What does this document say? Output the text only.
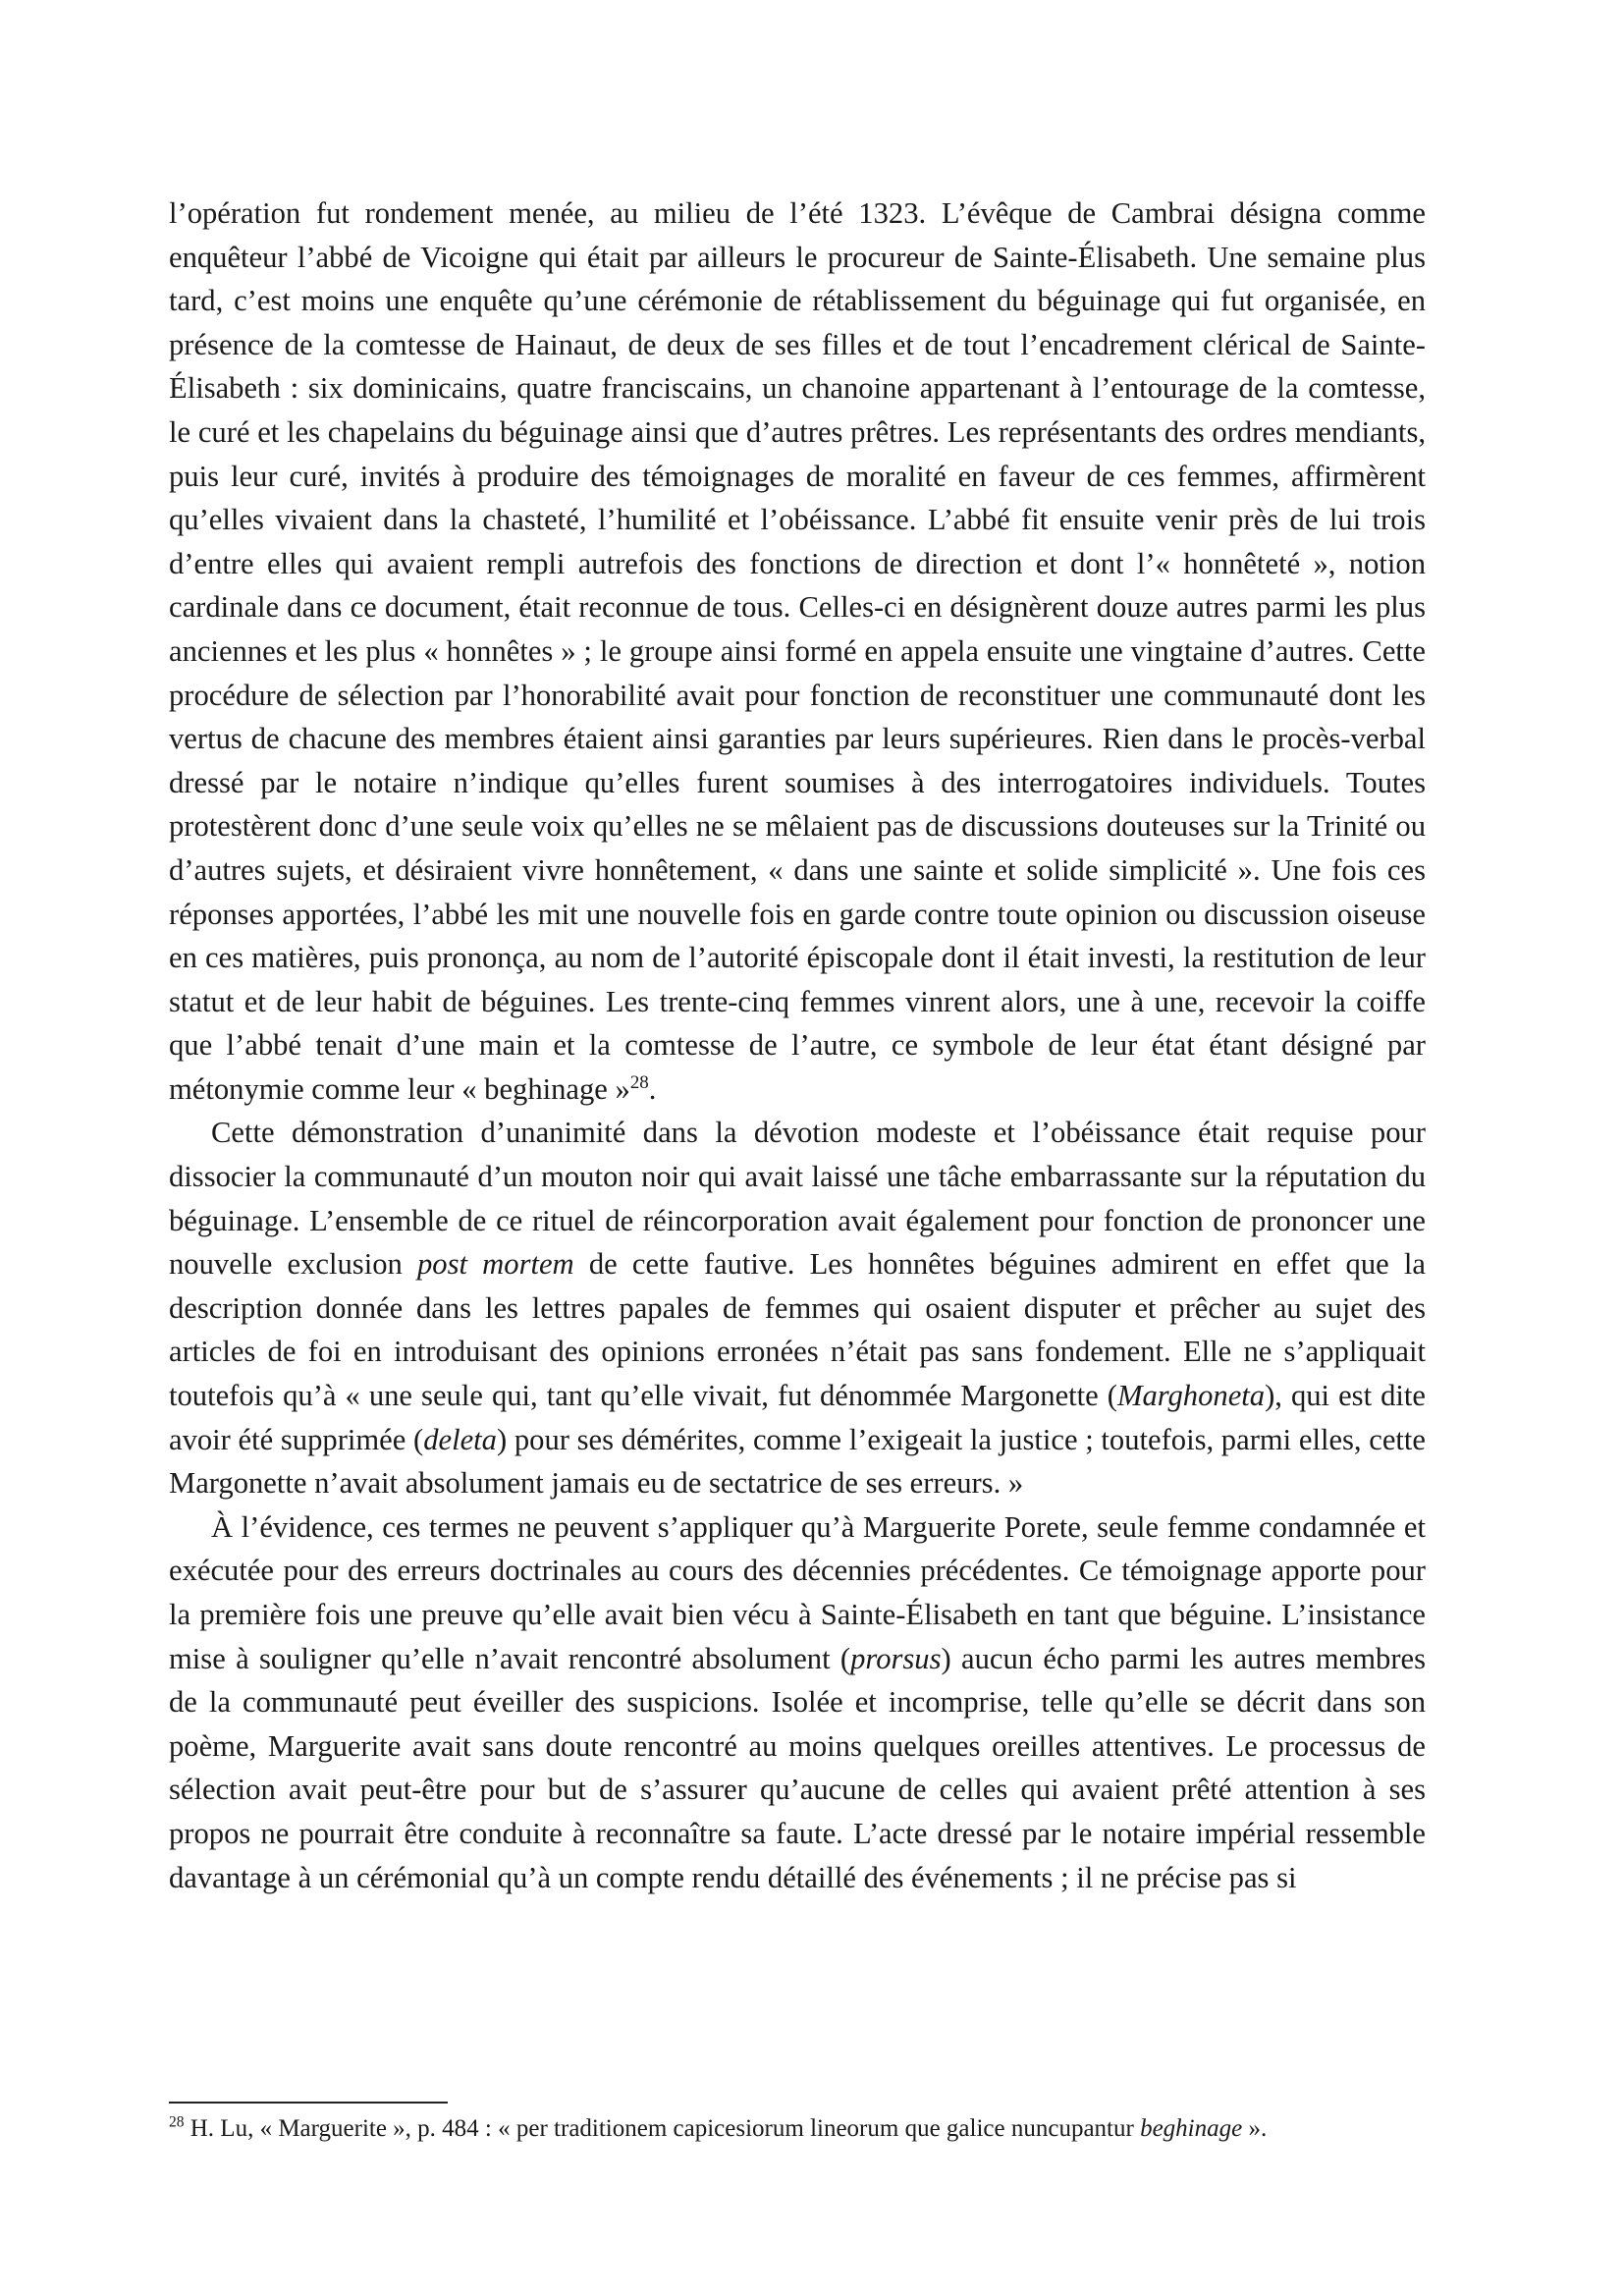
l’opération fut rondement menée, au milieu de l’été 1323. L’évêque de Cambrai désigna comme enquêteur l’abbé de Vicoigne qui était par ailleurs le procureur de Sainte-Élisabeth. Une semaine plus tard, c’est moins une enquête qu’une cérémonie de rétablissement du béguinage qui fut organisée, en présence de la comtesse de Hainaut, de deux de ses filles et de tout l’encadrement clérical de Sainte-Élisabeth : six dominicains, quatre franciscains, un chanoine appartenant à l’entourage de la comtesse, le curé et les chapelains du béguinage ainsi que d’autres prêtres. Les représentants des ordres mendiants, puis leur curé, invités à produire des témoignages de moralité en faveur de ces femmes, affirmèrent qu’elles vivaient dans la chasteté, l’humilité et l’obéissance. L’abbé fit ensuite venir près de lui trois d’entre elles qui avaient rempli autrefois des fonctions de direction et dont l’« honnêteté », notion cardinale dans ce document, était reconnue de tous. Celles-ci en désignèrent douze autres parmi les plus anciennes et les plus « honnêtes » ; le groupe ainsi formé en appela ensuite une vingtaine d’autres. Cette procédure de sélection par l’honorabilité avait pour fonction de reconstituer une communauté dont les vertus de chacune des membres étaient ainsi garanties par leurs supérieures. Rien dans le procès-verbal dressé par le notaire n’indique qu’elles furent soumises à des interrogatoires individuels. Toutes protestèrent donc d’une seule voix qu’elles ne se mêlaient pas de discussions douteuses sur la Trinité ou d’autres sujets, et désiraient vivre honnêtement, « dans une sainte et solide simplicité ». Une fois ces réponses apportées, l’abbé les mit une nouvelle fois en garde contre toute opinion ou discussion oiseuse en ces matières, puis prononça, au nom de l’autorité épiscopale dont il était investi, la restitution de leur statut et de leur habit de béguines. Les trente-cinq femmes vinrent alors, une à une, recevoir la coiffe que l’abbé tenait d’une main et la comtesse de l’autre, ce symbole de leur état étant désigné par métonymie comme leur « beghinage »$^{28}$.

Cette démonstration d’unanimité dans la dévotion modeste et l’obéissance était requise pour dissocier la communauté d’un mouton noir qui avait laissé une tâche embarrassante sur la réputation du béguinage. L’ensemble de ce rituel de réincorporation avait également pour fonction de prononcer une nouvelle exclusion post mortem de cette fautive. Les honnêtes béguines admirent en effet que la description donnée dans les lettres papales de femmes qui osaient disputer et prêcher au sujet des articles de foi en introduisant des opinions erronées n’était pas sans fondement. Elle ne s’appliquait toutefois qu’à « une seule qui, tant qu’elle vivait, fut dénommée Margonette (Marghoneta), qui est dite avoir été supprimée (deleta) pour ses démérites, comme l’exigeait la justice ; toutefois, parmi elles, cette Margonette n’avait absolument jamais eu de sectatrice de ses erreurs. »

À l’évidence, ces termes ne peuvent s’appliquer qu’à Marguerite Porete, seule femme condamnée et exécutée pour des erreurs doctrinales au cours des décennies précédentes. Ce témoignage apporte pour la première fois une preuve qu’elle avait bien vécu à Sainte-Élisabeth en tant que béguine. L’insistance mise à souligner qu’elle n’avait rencontré absolument (prorsus) aucun écho parmi les autres membres de la communauté peut éveiller des suspicions. Isolée et incomprise, telle qu’elle se décrit dans son poème, Marguerite avait sans doute rencontré au moins quelques oreilles attentives. Le processus de sélection avait peut-être pour but de s’assurer qu’aucune de celles qui avaient prêté attention à ses propos ne pourrait être conduite à reconnaître sa faute. L’acte dressé par le notaire impérial ressemble davantage à un cérémonial qu’à un compte rendu détaillé des événements ; il ne précise pas si

$^{28}$ H. Lu, « Marguerite », p. 484 : « per traditionem capicesiorum lineorum que galice nuncupantur beghinage ».
